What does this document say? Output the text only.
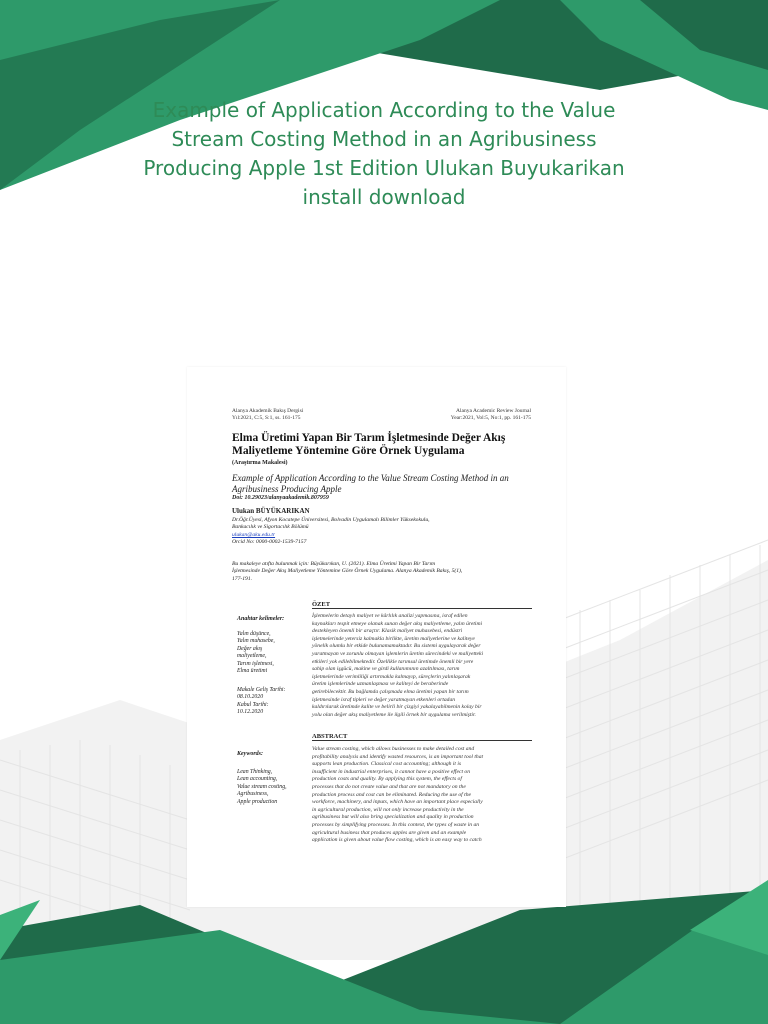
Example of Application According to the Value Stream Costing Method in an Agribusiness Producing Apple 1st Edition Ulukan Buyukarikan install download
Alanya Akademik Bakış Dergisi
Yıl:2021, C:5, S:1, ss. 161-175
Alanya Academic Review Journal
Year:2021, Vol:5, No:1, pp. 161-175
Elma Üretimi Yapan Bir Tarım İşletmesinde Değer Akış
Maliyetleme Yöntemine Göre Örnek Uygulama
(Araştırma Makalesi)
Example of Application According to the Value Stream Costing Method in an
Agribusiness Producing Apple
Doi: 10.29023/alanyaakademik.807959
Ulukan BÜYÜKARIKAN
Dr.Öğr.Üyesi, Afyon Kocatepe Üniversitesi, Bolvadin Uygulamalı Bilimler Yüksekokulu,
Bankacılık ve Sigortacılık Bölümü
ulukan@aku.edu.tr
Orcid No: 0000-0002-1539-7157
Bu makaleye atıfta bulunmak için: Büyükarıkan, U. (2021). Elma Üretimi Yapan Bir Tarım
İşletmesinde Değer Akış Maliyetleme Yöntemine Göre Örnek Uygulama. Alanya Akademik Bakış, 5(1),
177-191.
ÖZET
Anahtar kelimeler:
Yalın düşünce,
Yalın muhasebe,
Değer akış
maliyetleme,
Tarım işletmesi,
Elma üretimi
Makale Geliş Tarihi:
08.10.2020
Kabul Tarihi:
10.12.2020
İşletmelerin detaylı maliyet ve kârlılık analizi yapmasına, israf edilen
kaynakları tespit etmeye olanak sunan değer akış maliyetleme, yalın üretimi
destekleyen önemli bir araçtır. Klasik maliyet muhasebesi, endüstri
işletmelerinde yetersiz kalmakla birlikte, üretim maliyetlerine ve kaliteye
yönelik olumlu bir etkide bulunamamaktadır. Bu sistemi uygulayarak değer
yaratmayan ve zorunlu olmayan işlemlerin üretim sürecindeki ve maliyetteki
etkileri yok edilebilmektedir. Özellikle tarımsal üretimde önemli bir yere
sahip olan işgücü, makine ve girdi kullanımının azaltılması, tarım
işletmelerinde verimliliği artırmakla kalmayıp, süreçlerin yalınlaşarak
üretim işlemlerinde uzmanlaşması ve kaliteyi de beraberinde
getirebilecektir. Bu bağlamda çalışmada elma üretimi yapan bir tarım
işletmesinde israf tipleri ve değer yaratmayan etkenleri ortadan
kaldırılarak üretimde kalite ve belirli bir çizgiyi yakalayabilmenin kolay bir
yolu olan değer akış maliyetleme ile ilgili örnek bir uygulama verilmiştir.
ABSTRACT
Keywords:
Lean Thinking,
Lean accounting,
Value stream costing,
Agribusiness,
Apple production
Value stream costing, which allows businesses to make detailed cost and
profitability analysis and identify wasted resources, is an important tool that
supports lean production. Classical cost accounting; although it is
insufficient in industrial enterprises, it cannot have a positive effect on
production costs and quality. By applying this system, the effects of
processes that do not create value and that are not mandatory on the
production process and cost can be eliminated. Reducing the use of the
workforce, machinery, and inputs, which have an important place especially
in agricultural production, will not only increase productivity in the
agribusiness but will also bring specialization and quality in production
processes by simplifying processes. In this context, the types of waste in an
agricultural business that produces apples are given and an example
application is given about value flow costing, which is an easy way to catch
